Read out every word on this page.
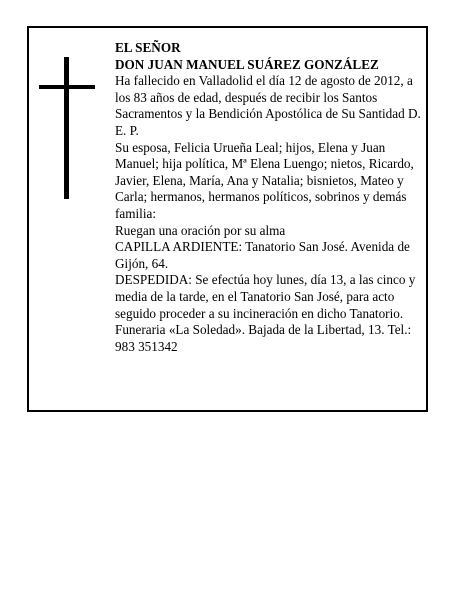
EL SEÑOR

DON JUAN MANUEL SUÁREZ GONZÁLEZ

Ha fallecido en Valladolid el día 12 de agosto de 2012, a los 83 años de edad, después de recibir los Santos Sacramentos y la Bendición Apostólica de Su Santidad D. E. P.

Su esposa, Felicia Urueña Leal; hijos, Elena y Juan Manuel; hija política, Mª Elena Luengo; nietos, Ricardo, Javier, Elena, María, Ana y Natalia; bisnietos, Mateo y Carla; hermanos, hermanos políticos, sobrinos y demás familia:

Ruegan una oración por su alma

CAPILLA ARDIENTE: Tanatorio San José. Avenida de Gijón, 64.

DESPEDIDA: Se efectúa hoy lunes, día 13, a las cinco y media de la tarde, en el Tanatorio San José, para acto seguido proceder a su incineración en dicho Tanatorio.

Funeraria «La Soledad». Bajada de la Libertad, 13. Tel.: 983 351342
